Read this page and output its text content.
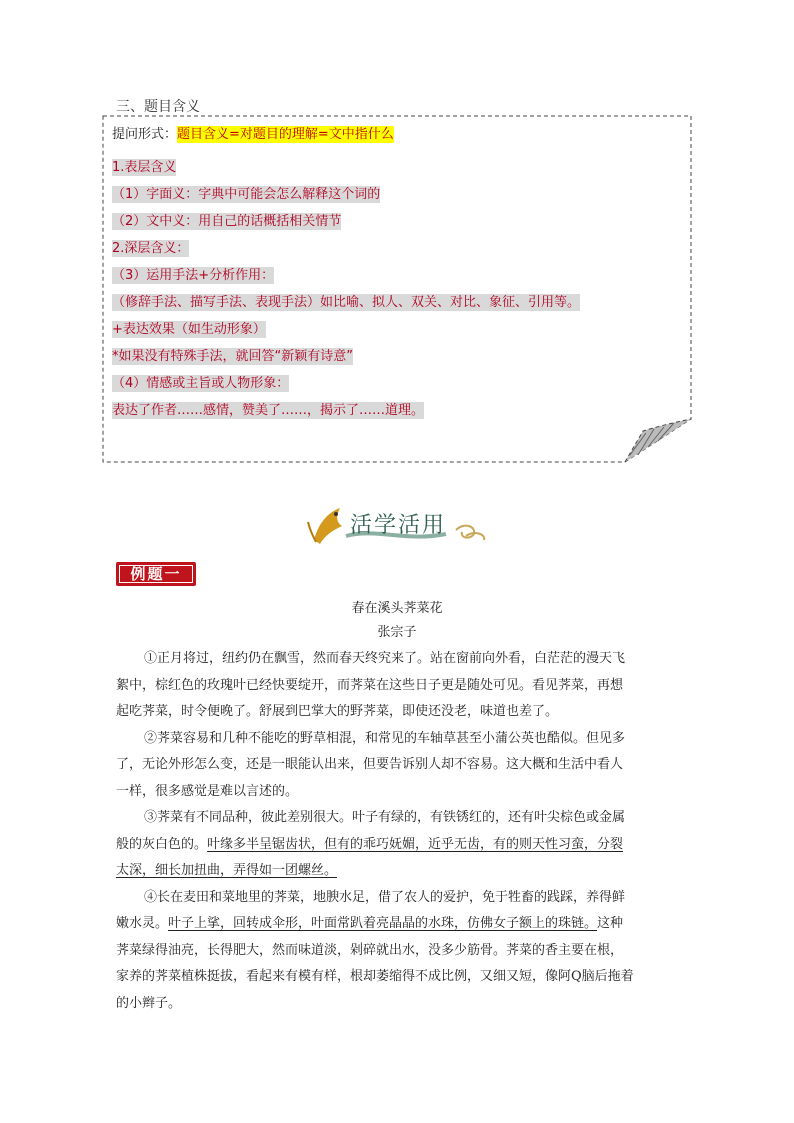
三、题目含义
提问形式：题目含义=对题目的理解=文中指什么
1.表层含义
（1）字面义：字典中可能会怎么解释这个词的
（2）文中义：用自己的话概括相关情节
2.深层含义：
（3）运用手法+分析作用：
（修辞手法、描写手法、表现手法）如比喻、拟人、双关、对比、象征、引用等。
+表达效果（如生动形象）
*如果没有特殊手法，就回答“新颖有诗意”
（4）情感或主旨或人物形象：
表达了作者……感情，赞美了……，揭示了……道理。
活学活用
例题一
春在溪头荠菜花
张宗子
①正月将过，纽约仍在飘雪，然而春天终究来了。站在窗前向外看，白茫茫的漫天飞
絮中，棕红色的玫瑰叶已经快要绽开，而荠菜在这些日子更是随处可见。看见荠菜，再想
起吃荠菜，时令便晚了。舒展到巴掌大的野荠菜，即使还没老，味道也差了。
②荠菜容易和几种不能吃的野草相混，和常见的车轴草甚至小蒲公英也酷似。但见多
了，无论外形怎么变，还是一眼能认出来，但要告诉别人却不容易。这大概和生活中看人
一样，很多感觉是难以言述的。
③荠菜有不同品种，彼此差别很大。叶子有绿的，有铁锈红的，还有叶尖棕色或金属
般的灰白色的。叶缘多半呈锯齿状，但有的乖巧妩媚，近乎无齿，有的则天性习蛮，分裂
太深，细长加扭曲，弄得如一团螺丝。
④长在麦田和菜地里的荠菜，地腴水足，借了农人的爱护，免于牲畜的践踩，养得鲜
嫩水灵。叶子上挲，回转成伞形，叶面常趴着亮晶晶的水珠，仿佛女子额上的珠链。这种
荠菜绿得油亮，长得肥大，然而味道淡，剁碎就出水，没多少筋骨。荠菜的香主要在根，
家养的荠菜植株挺拔，看起来有模有样，根却萎缩得不成比例，又细又短，像阿Q脑后拖着
的小辫子。
